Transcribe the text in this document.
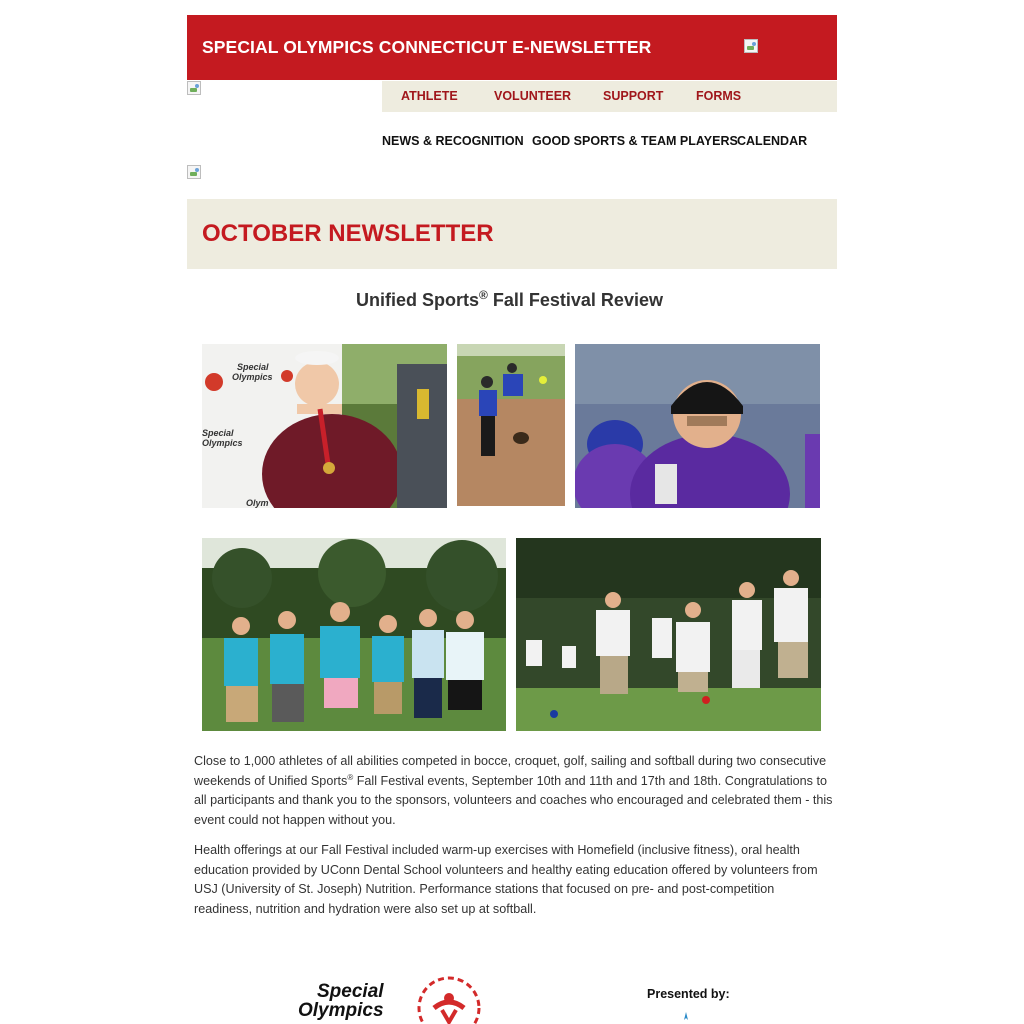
SPECIAL OLYMPICS CONNECTICUT E-NEWSLETTER
ATHLETE	VOLUNTEER	SUPPORT	FORMS
NEWS & RECOGNITION GOOD SPORTS & TEAM PLAYERS CALENDAR
OCTOBER NEWSLETTER
Unified Sports® Fall Festival Review
Special
Olympics
Special
Olympics
Olym

Close to 1,000 athletes of all abilities competed in bocce, croquet, golf, sailing and softball during two consecutive weekends of Unified Sports® Fall Festival events, September 10th and 11th and 17th and 18th. Congratulations to all participants and thank you to the sponsors, volunteers and coaches who encouraged and celebrated them - this event could not happen without you.

Health offerings at our Fall Festival included warm-up exercises with Homefield (inclusive fitness), oral health education provided by UConn Dental School volunteers and healthy eating education offered by volunteers from USJ (University of St. Joseph) Nutrition. Performance stations that focused on pre- and post-competition readiness, nutrition and hydration were also set up at softball.

Special
Olympics
Presented by:
